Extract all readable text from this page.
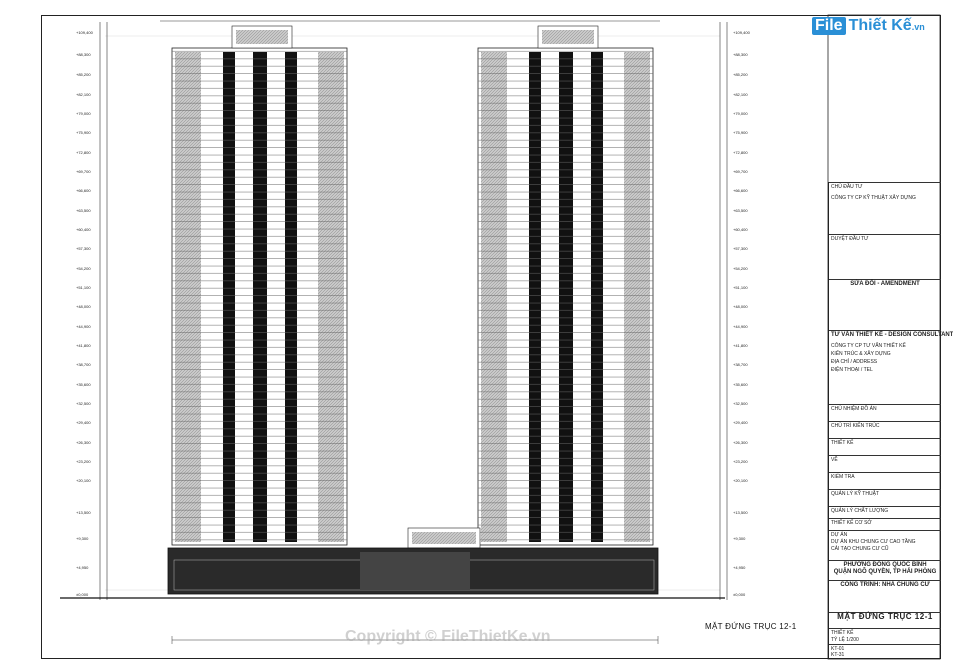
File Thiết Kế.vn
+109,400
+88,300
+85,200
+82,100
+79,000
+75,900
+72,800
+69,700
+66,600
+63,500
+60,400
+57,300
+54,200
+51,100
+48,000
+44,900
+41,800
+38,700
+35,600
+32,500
+29,400
+26,300
+23,200
+20,100
+13,500
+9,300
+4,950
±0,000
+109,400
+88,300
+85,200
+82,100
+79,000
+75,900
+72,800
+69,700
+66,600
+63,500
+60,400
+57,300
+54,200
+51,100
+48,000
+44,900
+41,800
+38,700
+35,600
+32,500
+29,400
+26,300
+23,200
+20,100
+13,500
+9,300
+4,950
±0,000
MẶT ĐỨNG TRỤC 12-1
Copyright © FileThietKe.vn
CHỦ ĐẦU TƯ
CÔNG TY CP KỸ THUẬT XÂY DỰNG
DUYỆT ĐẦU TƯ
SỬA ĐỔI - AMENDMENT
TƯ VẤN THIẾT KẾ - DESIGN CONSULTANT
CÔNG TY CP TƯ VẤN THIẾT KẾ
KIẾN TRÚC & XÂY DỰNG
ĐỊA CHỈ / ADDRESS
ĐIỆN THOẠI / TEL
CHỦ NHIỆM ĐỒ ÁN
CHỦ TRÌ KIẾN TRÚC
THIẾT KẾ
VẼ
KIỂM TRA
QUẢN LÝ KỸ THUẬT
QUẢN LÝ CHẤT LƯỢNG
THIẾT KẾ CƠ SỞ
DỰ ÁN
DỰ ÁN KHU CHUNG CƯ CAO TẦNG
CẢI TẠO CHUNG CƯ CŨ
PHƯỜNG ĐÔNG QUỐC BÌNH
QUẬN NGÔ QUYỀN, TP HẢI PHÒNG
CÔNG TRÌNH: NHÀ CHUNG CƯ
MẶT ĐỨNG TRỤC 12-1
THIẾT KẾ
TỶ LỆ 1/200
KT-01
KT-31
